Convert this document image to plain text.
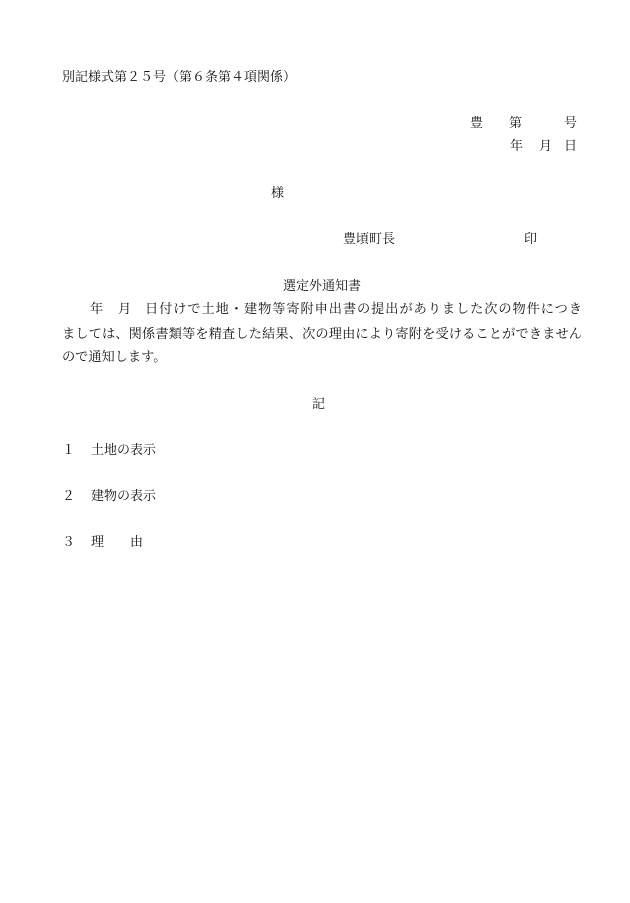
別記様式第２５号（第６条第４項関係）
豊 第	号
年 月 日
様
豊頃町長	印
選定外通知書
年 月 日付けで土地・建物等寄附申出書の提出がありました次の物件につき
ましては、関係書類等を精査した結果、次の理由により寄附を受けることができません
ので通知します。
記
１ 土地の表示
２ 建物の表示
３ 理 由
